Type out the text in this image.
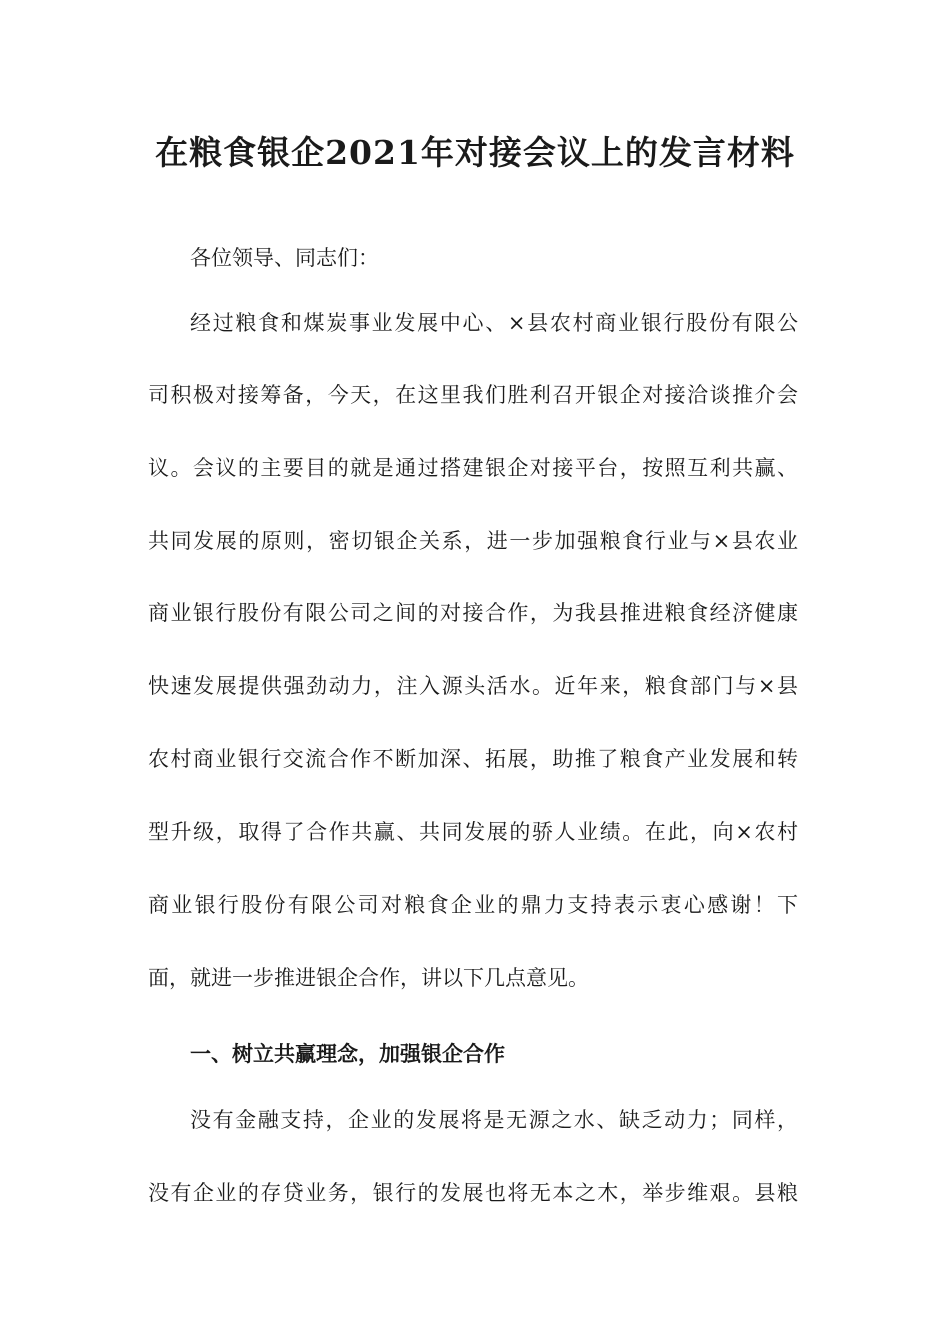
在粮食银企2021年对接会议上的发言材料

各位领导、同志们：

经过粮食和煤炭事业发展中心、×县农村商业银行股份有限公

司积极对接筹备，今天，在这里我们胜利召开银企对接洽谈推介会

议。会议的主要目的就是通过搭建银企对接平台，按照互利共赢、

共同发展的原则，密切银企关系，进一步加强粮食行业与×县农业

商业银行股份有限公司之间的对接合作，为我县推进粮食经济健康

快速发展提供强劲动力，注入源头活水。近年来，粮食部门与×县

农村商业银行交流合作不断加深、拓展，助推了粮食产业发展和转

型升级，取得了合作共赢、共同发展的骄人业绩。在此，向×农村

商业银行股份有限公司对粮食企业的鼎力支持表示衷心感谢！下

面，就进一步推进银企合作，讲以下几点意见。

一、树立共赢理念，加强银企合作

没有金融支持，企业的发展将是无源之水、缺乏动力；同样，

没有企业的存贷业务，银行的发展也将无本之木，举步维艰。县粮
